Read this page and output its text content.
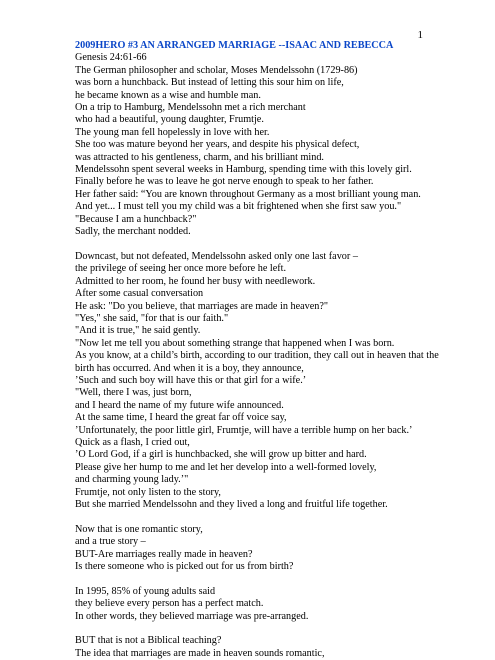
1

2009HERO #3 AN ARRANGED MARRIAGE --ISAAC AND REBECCA

Genesis 24:61-66

The German philosopher and scholar, Moses Mendelssohn (1729-86)
was born a hunchback. But instead of letting this sour him on life,
he became known as a wise and humble man.
On a trip to Hamburg, Mendelssohn met a rich merchant
who had a beautiful, young daughter, Frumtje.
The young man fell hopelessly in love with her.
She too was mature beyond her years, and despite his physical defect,
was attracted to his gentleness, charm, and his brilliant mind.
Mendelssohn spent several weeks in Hamburg, spending time with this lovely girl.
Finally before he was to leave he got nerve enough to speak to her father.
Her father said: “You are known throughout Germany as a most brilliant young man.
And yet... I must tell you my child was a bit frightened when she first saw you."
"Because I am a hunchback?"
Sadly, the merchant nodded.
Downcast, but not defeated, Mendelssohn asked only one last favor –
the privilege of seeing her once more before he left.
Admitted to her room, he found her busy with needlework.
After some casual conversation
He ask: "Do you believe, that marriages are made in heaven?"
"Yes," she said, "for that is our faith."
"And it is true," he said gently.
"Now let me tell you about something strange that happened when I was born.
As you know, at a child’s birth, according to our tradition, they call out in heaven that the
birth has occurred. And when it is a boy, they announce,
’Such and such boy will have this or that girl for a wife.’
"Well, there I was, just born,
and I heard the name of my future wife announced.
At the same time, I heard the great far off voice say,
’Unfortunately, the poor little girl, Frumtje, will have a terrible hump on her back.’
Quick as a flash, I cried out,
’O Lord God, if a girl is hunchbacked, she will grow up bitter and hard.
Please give her hump to me and let her develop into a well-formed lovely,
and charming young lady.’"
Frumtje, not only listen to the story,
But she married Mendelssohn and they lived a long and fruitful life together.
Now that is one romantic story,
and a true story –
BUT-Are marriages really made in heaven?
Is there someone who is picked out for us from birth?
In 1995, 85% of young adults said
they believe every person has a perfect match.
In other words, they believed marriage was pre-arranged.
BUT that is not a Biblical teaching?
The idea that marriages are made in heaven sounds romantic,
